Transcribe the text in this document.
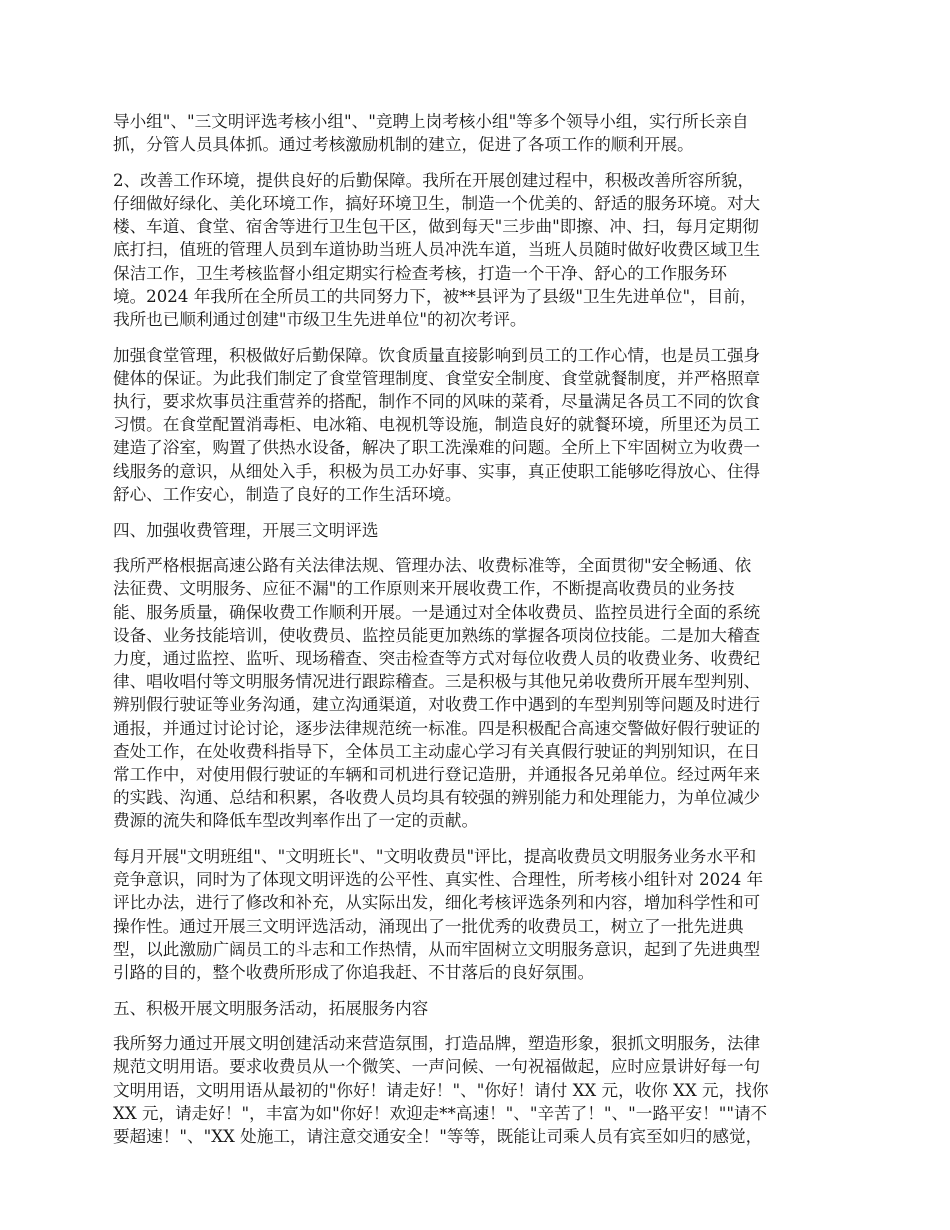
导小组"、"三文明评选考核小组"、"竞聘上岗考核小组"等多个领导小组，实行所长亲自
抓，分管人员具体抓。通过考核激励机制的建立，促进了各项工作的顺利开展。
2、改善工作环境，提供良好的后勤保障。我所在开展创建过程中，积极改善所容所貌，
仔细做好绿化、美化环境工作，搞好环境卫生，制造一个优美的、舒适的服务环境。对大
楼、车道、食堂、宿舍等进行卫生包干区，做到每天"三步曲"即擦、冲、扫，每月定期彻
底打扫，值班的管理人员到车道协助当班人员冲洗车道，当班人员随时做好收费区域卫生
保洁工作，卫生考核监督小组定期实行检查考核，打造一个干净、舒心的工作服务环
境。2024 年我所在全所员工的共同努力下，被**县评为了县级"卫生先进单位"，目前，
我所也已顺利通过创建"市级卫生先进单位"的初次考评。
加强食堂管理，积极做好后勤保障。饮食质量直接影响到员工的工作心情，也是员工强身
健体的保证。为此我们制定了食堂管理制度、食堂安全制度、食堂就餐制度，并严格照章
执行，要求炊事员注重营养的搭配，制作不同的风味的菜肴，尽量满足各员工不同的饮食
习惯。在食堂配置消毒柜、电冰箱、电视机等设施，制造良好的就餐环境，所里还为员工
建造了浴室，购置了供热水设备，解决了职工洗澡难的问题。全所上下牢固树立为收费一
线服务的意识，从细处入手，积极为员工办好事、实事，真正使职工能够吃得放心、住得
舒心、工作安心，制造了良好的工作生活环境。
四、加强收费管理，开展三文明评选
我所严格根据高速公路有关法律法规、管理办法、收费标准等，全面贯彻"安全畅通、依
法征费、文明服务、应征不漏"的工作原则来开展收费工作，不断提高收费员的业务技
能、服务质量，确保收费工作顺利开展。一是通过对全体收费员、监控员进行全面的系统
设备、业务技能培训，使收费员、监控员能更加熟练的掌握各项岗位技能。二是加大稽查
力度，通过监控、监听、现场稽查、突击检查等方式对每位收费人员的收费业务、收费纪
律、唱收唱付等文明服务情况进行跟踪稽查。三是积极与其他兄弟收费所开展车型判别、
辨别假行驶证等业务沟通，建立沟通渠道，对收费工作中遇到的车型判别等问题及时进行
通报，并通过讨论讨论，逐步法律规范统一标准。四是积极配合高速交警做好假行驶证的
查处工作，在处收费科指导下，全体员工主动虚心学习有关真假行驶证的判别知识，在日
常工作中，对使用假行驶证的车辆和司机进行登记造册，并通报各兄弟单位。经过两年来
的实践、沟通、总结和积累，各收费人员均具有较强的辨别能力和处理能力，为单位减少
费源的流失和降低车型改判率作出了一定的贡献。
每月开展"文明班组"、"文明班长"、"文明收费员"评比，提高收费员文明服务业务水平和
竞争意识，同时为了体现文明评选的公平性、真实性、合理性，所考核小组针对 2024 年
评比办法，进行了修改和补充，从实际出发，细化考核评选条列和内容，增加科学性和可
操作性。通过开展三文明评选活动，涌现出了一批优秀的收费员工，树立了一批先进典
型，以此激励广阔员工的斗志和工作热情，从而牢固树立文明服务意识，起到了先进典型
引路的目的，整个收费所形成了你追我赶、不甘落后的良好氛围。
五、积极开展文明服务活动，拓展服务内容
我所努力通过开展文明创建活动来营造氛围，打造品牌，塑造形象，狠抓文明服务，法律
规范文明用语。要求收费员从一个微笑、一声问候、一句祝福做起，应时应景讲好每一句
文明用语，文明用语从最初的"你好！请走好！"、"你好！请付 XX 元，收你 XX 元，找你
XX 元，请走好！"，丰富为如"你好！欢迎走**高速！"、"辛苦了！"、"一路平安！""请不
要超速！"、"XX 处施工，请注意交通安全！"等等，既能让司乘人员有宾至如归的感觉，
